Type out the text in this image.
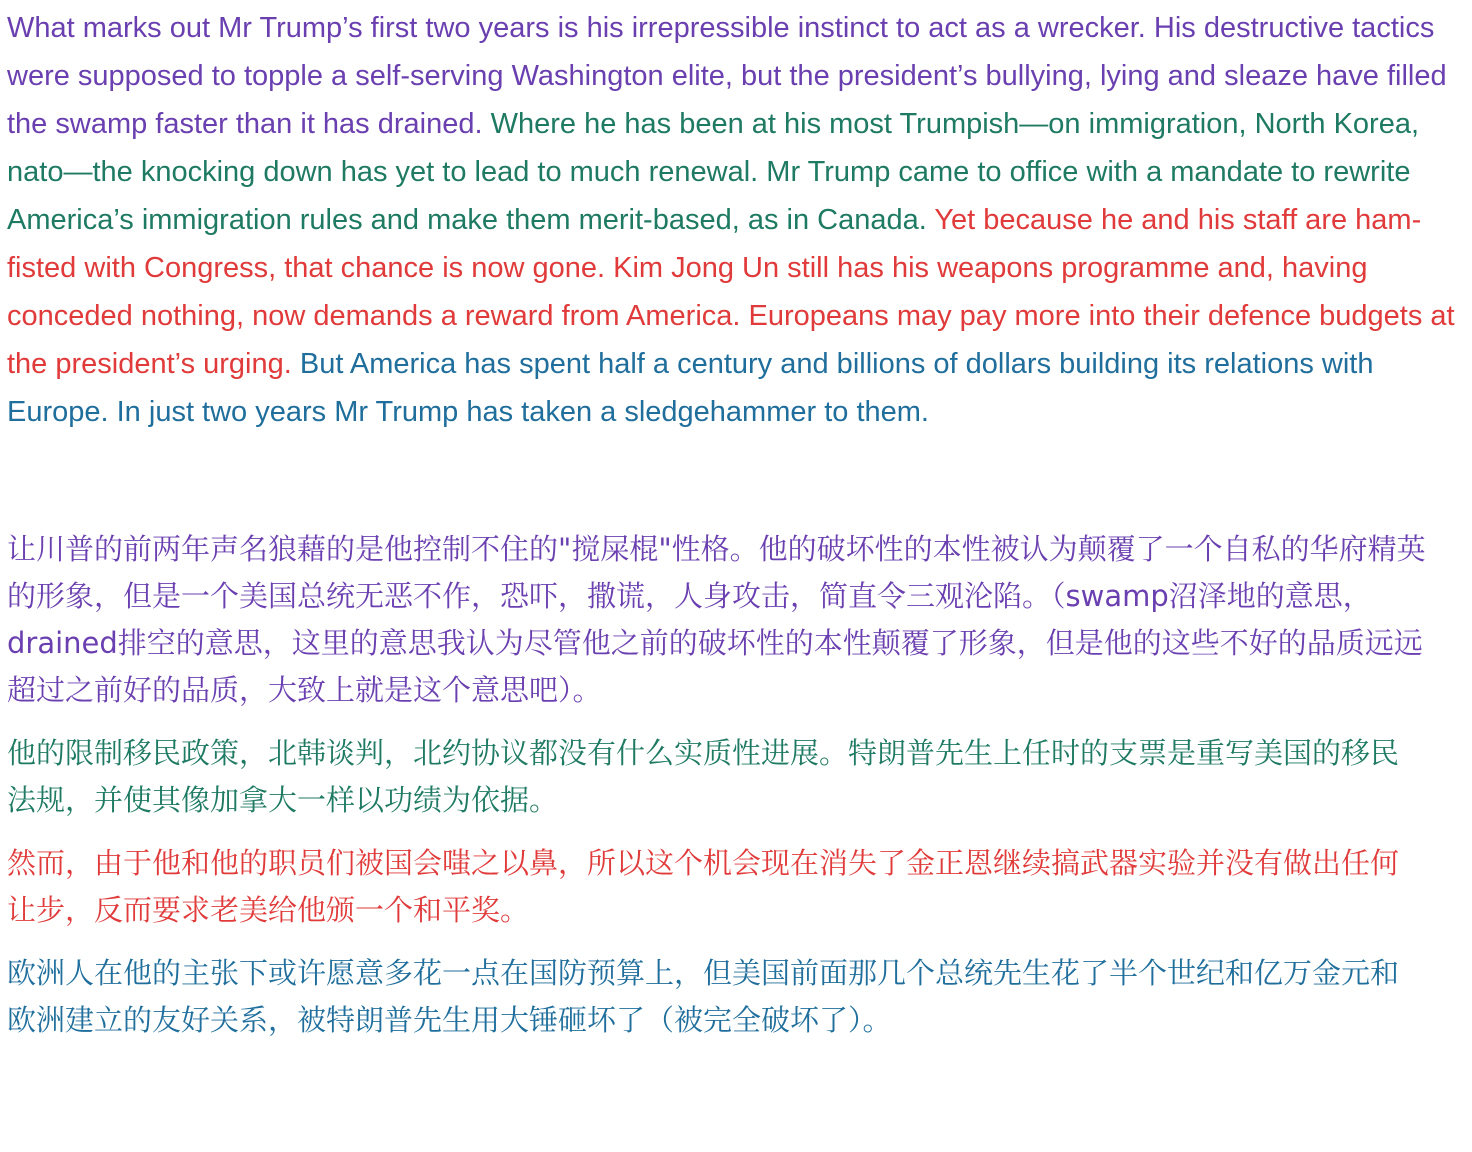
What marks out Mr Trump’s first two years is his irrepressible instinct to act as a wrecker. His destructive tactics were supposed to topple a self-serving Washington elite, but the president’s bullying, lying and sleaze have filled the swamp faster than it has drained. Where he has been at his most Trumpish—on immigration, North Korea, nato—the knocking down has yet to lead to much renewal. Mr Trump came to office with a mandate to rewrite America’s immigration rules and make them merit-based, as in Canada. Yet because he and his staff are ham-fisted with Congress, that chance is now gone. Kim Jong Un still has his weapons programme and, having conceded nothing, now demands a reward from America. Europeans may pay more into their defence budgets at the president’s urging. But America has spent half a century and billions of dollars building its relations with Europe. In just two years Mr Trump has taken a sledgehammer to them.

让川普的前两年声名狼藉的是他控制不住的"搅屎棍"性格。他的破坏性的本性被认为颠覆了一个自私的华府精英的形象，但是一个美国总统无恶不作，恐吓，撒谎，人身攻击，简直令三观沦陷。（swamp沼泽地的意思，drained排空的意思，这里的意思我认为尽管他之前的破坏性的本性颠覆了形象，但是他的这些不好的品质远远超过之前好的品质，大致上就是这个意思吧）。

他的限制移民政策，北韩谈判，北约协议都没有什么实质性进展。特朗普先生上任时的支票是重写美国的移民法规，并使其像加拿大一样以功绩为依据。

然而，由于他和他的职员们被国会嗤之以鼻，所以这个机会现在消失了金正恩继续搞武器实验并没有做出任何让步，反而要求老美给他颁一个和平奖。

欧洲人在他的主张下或许愿意多花一点在国防预算上，但美国前面那几个总统先生花了半个世纪和亿万金元和欧洲建立的友好关系，被特朗普先生用大锤砸坏了（被完全破坏了）。
